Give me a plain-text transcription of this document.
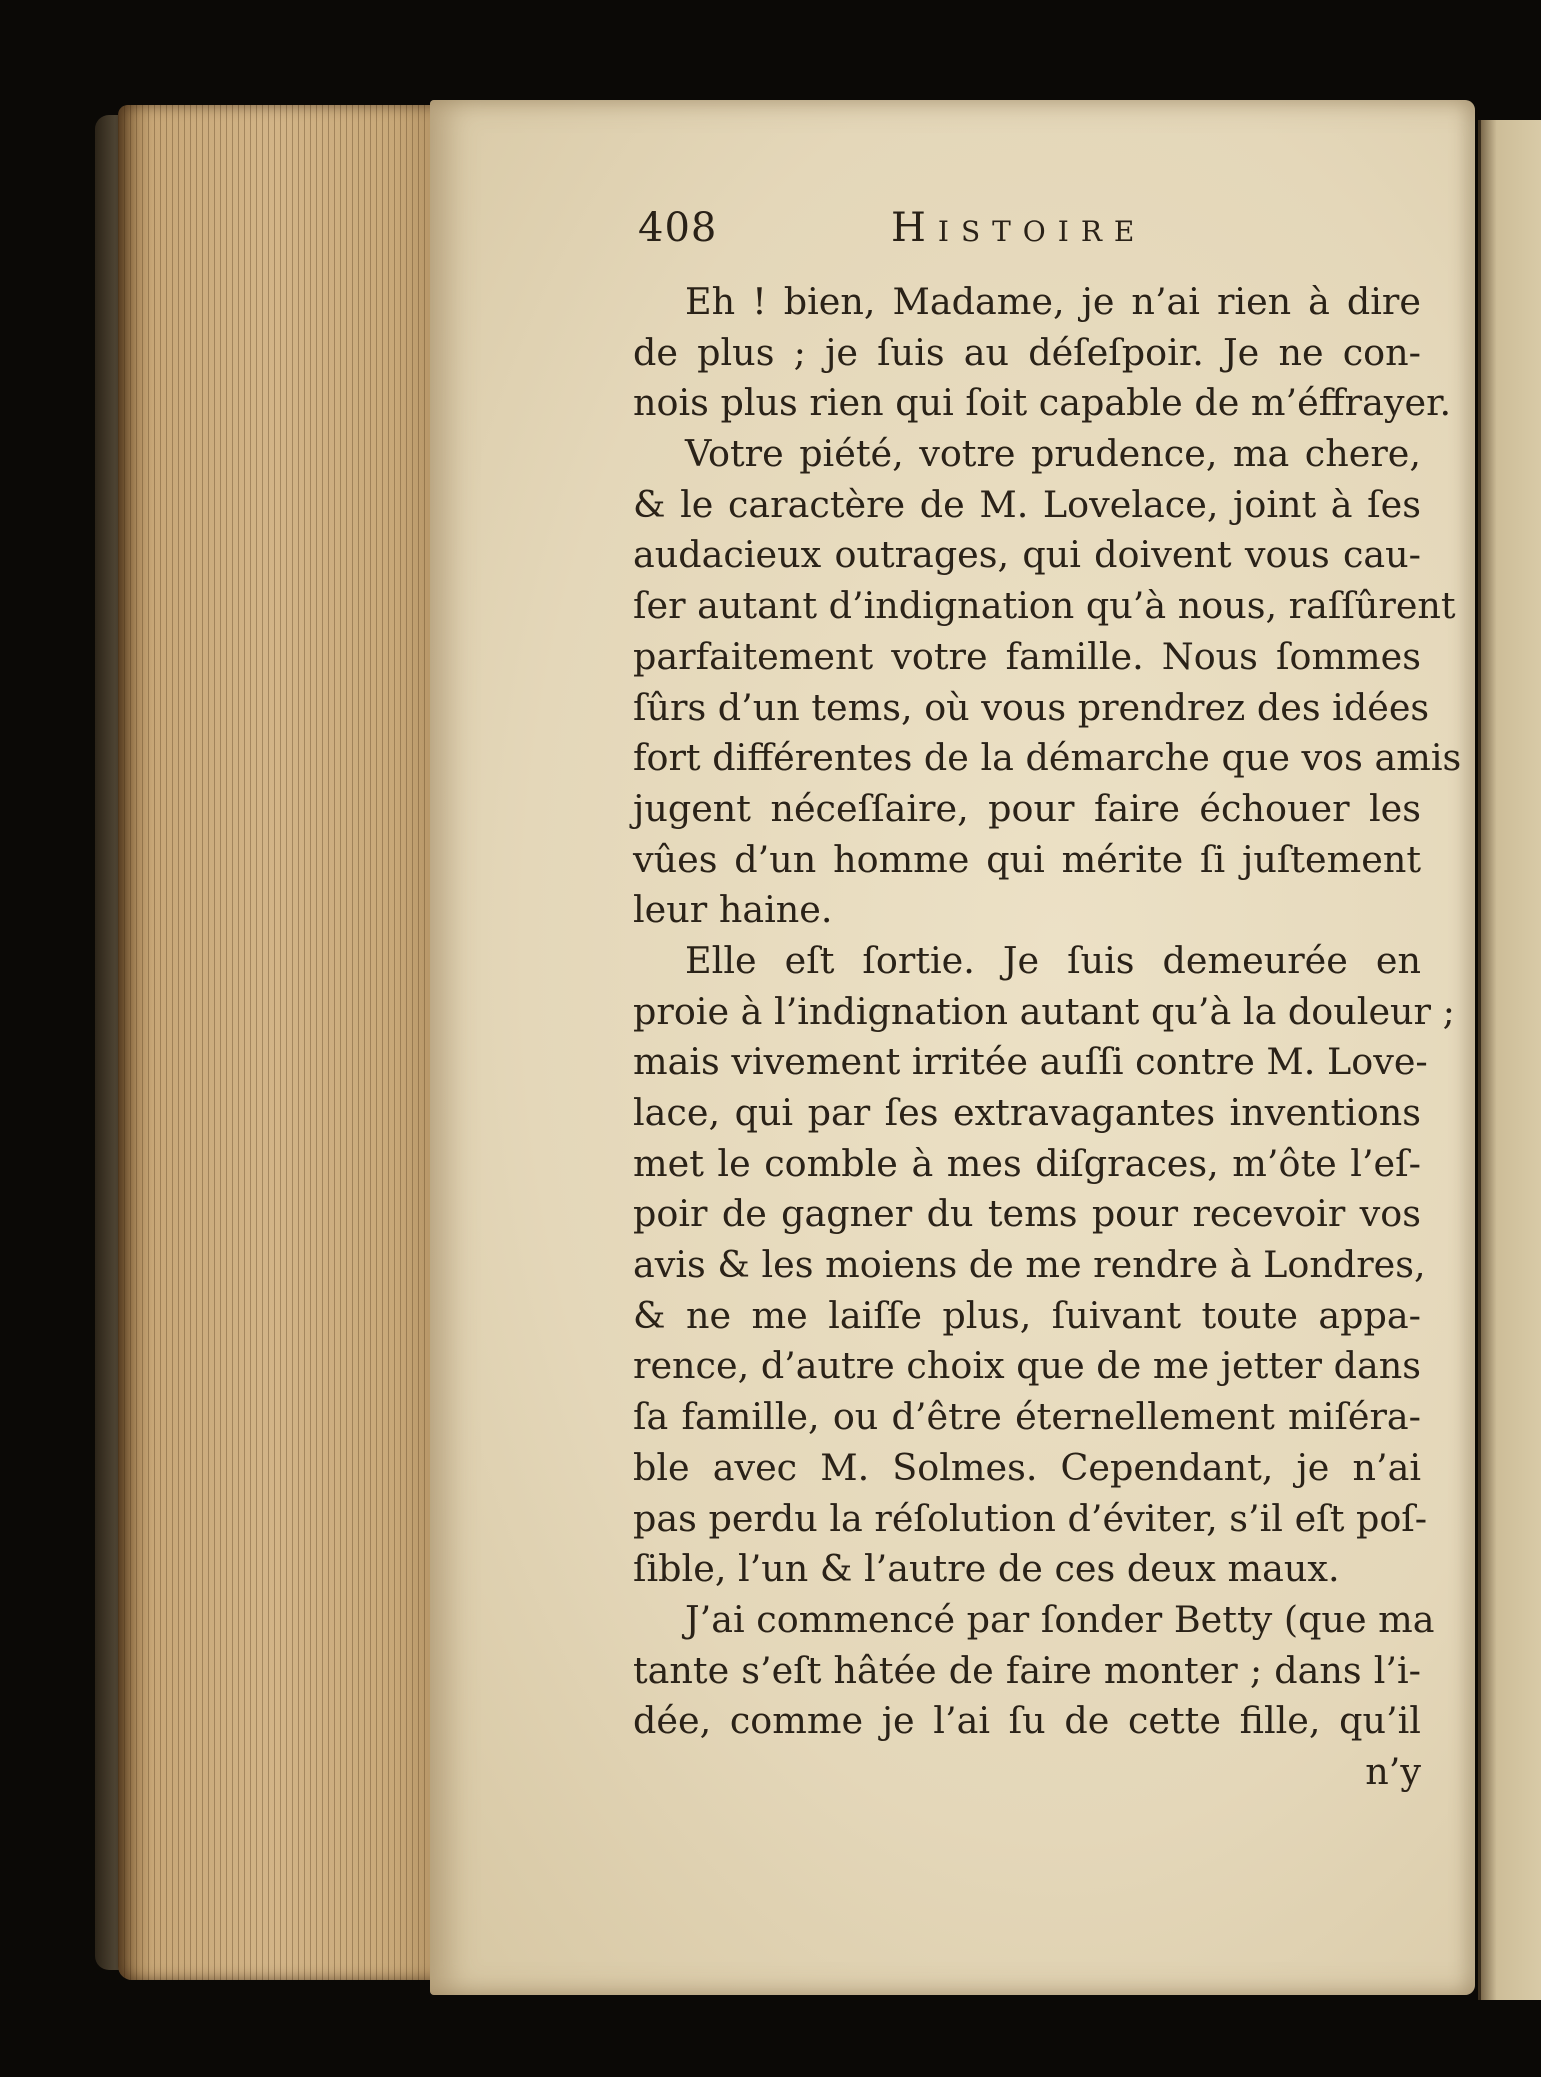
408	Histoire
Eh ! bien, Madame, je n’ai rien à dire
de plus ; je ſuis au déſeſpoir. Je ne con-
nois plus rien qui ſoit capable de m’éffrayer.
Votre piété, votre prudence, ma chere,
& le caractère de M. Lovelace, joint à ſes
audacieux outrages, qui doivent vous cau-
ſer autant d’indignation qu’à nous, raſſûrent
parfaitement votre famille. Nous ſommes
ſûrs d’un tems, où vous prendrez des idées
fort différentes de la démarche que vos amis
jugent néceſſaire, pour faire échouer les
vûes d’un homme qui mérite ſi juſtement
leur haine.
Elle eſt ſortie. Je ſuis demeurée en
proie à l’indignation autant qu’à la douleur ;
mais vivement irritée auſſi contre M. Love-
lace, qui par ſes extravagantes inventions
met le comble à mes diſgraces, m’ôte l’eſ-
poir de gagner du tems pour recevoir vos
avis & les moiens de me rendre à Londres,
& ne me laiſſe plus, ſuivant toute appa-
rence, d’autre choix que de me jetter dans
ſa famille, ou d’être éternellement miſéra-
ble avec M. Solmes. Cependant, je n’ai
pas perdu la réſolution d’éviter, s’il eſt poſ-
ſible, l’un & l’autre de ces deux maux.
J’ai commencé par ſonder Betty (que ma
tante s’eſt hâtée de faire monter ; dans l’i-
dée, comme je l’ai ſu de cette fille, qu’il
n’y
